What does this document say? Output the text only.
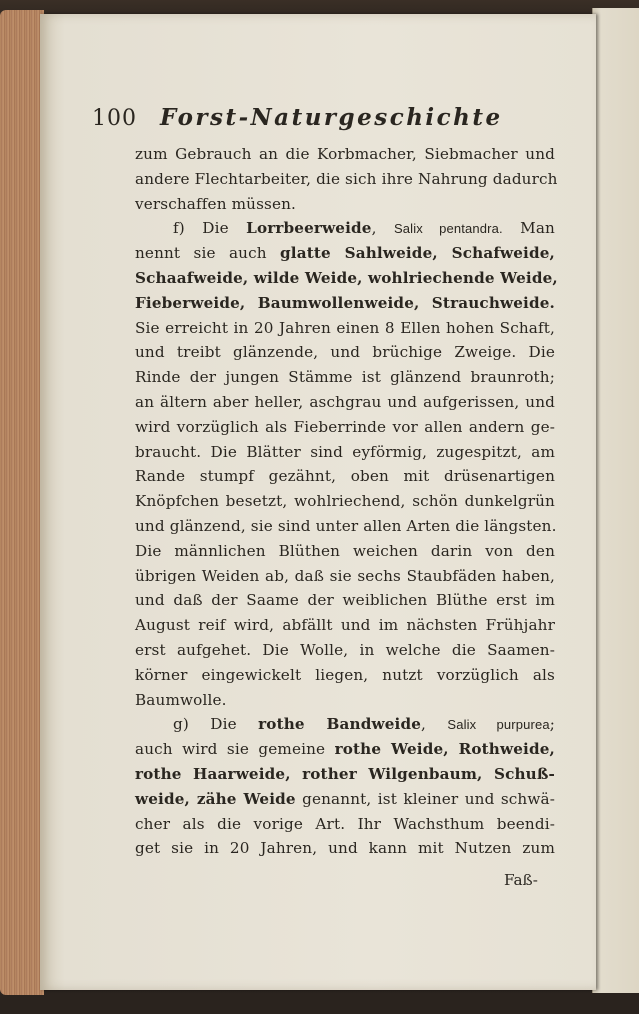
100	Forst-Naturgeschichte
zum Gebrauch an die Korbmacher, Siebmacher und
andere Flechtarbeiter, die sich ihre Nahrung dadurch
verschaffen müssen.
f) Die Lorrbeerweide, Salix pentandra. Man
nennt sie auch glatte Sahlweide, Schafweide,
Schaafweide, wilde Weide, wohlriechende Weide,
Fieberweide, Baumwollenweide, Strauchweide.
Sie erreicht in 20 Jahren einen 8 Ellen hohen Schaft,
und treibt glänzende, und brüchige Zweige. Die
Rinde der jungen Stämme ist glänzend braunroth;
an ältern aber heller, aschgrau und aufgerissen, und
wird vorzüglich als Fieberrinde vor allen andern ge-
braucht. Die Blätter sind eyförmig, zugespitzt, am
Rande stumpf gezähnt, oben mit drüsenartigen
Knöpfchen besetzt, wohlriechend, schön dunkelgrün
und glänzend, sie sind unter allen Arten die längsten.
Die männlichen Blüthen weichen darin von den
übrigen Weiden ab, daß sie sechs Staubfäden haben,
und daß der Saame der weiblichen Blüthe erst im
August reif wird, abfällt und im nächsten Frühjahr
erst aufgehet. Die Wolle, in welche die Saamen-
körner eingewickelt liegen, nutzt vorzüglich als
Baumwolle.
g) Die rothe Bandweide, Salix purpurea;
auch wird sie gemeine rothe Weide, Rothweide,
rothe Haarweide, rother Wilgenbaum, Schuß-
weide, zähe Weide genannt, ist kleiner und schwä-
cher als die vorige Art. Ihr Wachsthum beendi-
get sie in 20 Jahren, und kann mit Nutzen zum
Faß-
